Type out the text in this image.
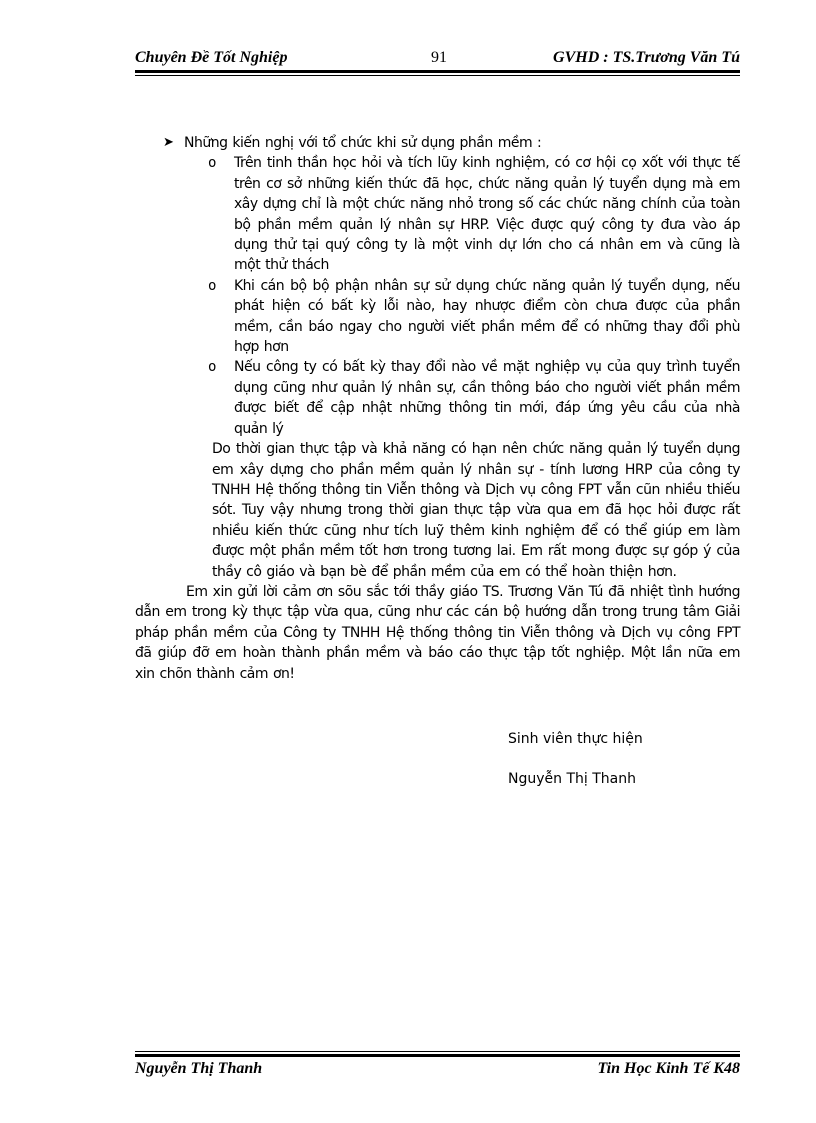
Chuyên Đề Tốt Nghiệp	91	GVHD : TS.Trương Văn Tú

➤ Những kiến nghị với tổ chức khi sử dụng phần mềm :

o Trên tinh thần học hỏi và tích lũy kinh nghiệm, có cơ hội cọ xốt với thực tế trên cơ sở những kiến thức đã học, chức năng quản lý tuyển dụng mà em xây dựng chỉ là một chức năng nhỏ trong số các chức năng chính của toàn bộ phần mềm quản lý nhân sự HRP. Việc được quý công ty đưa vào áp dụng thử tại quý công ty là một vinh dự lớn cho cá nhân em và cũng là một thử thách
o Khi cán bộ bộ phận nhân sự sử dụng chức năng quản lý tuyển dụng, nếu phát hiện có bất kỳ lỗi nào, hay nhược điểm còn chưa được của phần mềm, cần báo ngay cho người viết phần mềm để có những thay đổi phù hợp hơn
o Nếu công ty có bất kỳ thay đổi nào về mặt nghiệp vụ của quy trình tuyển dụng cũng như quản lý nhân sự, cần thông báo cho người viết phần mềm được biết để cập nhật những thông tin mới, đáp ứng yêu cầu của nhà quản lý

Do thời gian thực tập và khả năng có hạn nên chức năng quản lý tuyển dụng em xây dựng cho phần mềm quản lý nhân sự - tính lương HRP của công ty TNHH Hệ thống thông tin Viễn thông và Dịch vụ công FPT vẫn cũn nhiều thiếu sót. Tuy vậy nhưng trong thời gian thực tập vừa qua em đã học hỏi được rất nhiều kiến thức cũng như tích luỹ thêm kinh nghiệm để có thể giúp em làm được một phần mềm tốt hơn trong tương lai. Em rất mong được sự góp ý của thầy cô giáo và bạn bè để phần mềm của em có thể hoàn thiện hơn.

Em xin gửi lời cảm ơn sõu sắc tới thầy giáo TS. Trương Văn Tú đã nhiệt tình hướng dẫn em trong kỳ thực tập vừa qua, cũng như các cán bộ hướng dẫn trong trung tâm Giải pháp phần mềm của Công ty TNHH Hệ thống thông tin Viễn thông và Dịch vụ công FPT đã giúp đỡ em hoàn thành phần mềm và báo cáo thực tập tốt nghiệp. Một lần nữa em xin chõn thành cảm ơn!

Sinh viên thực hiện
Nguyễn Thị Thanh
Nguyễn Thị Thanh	Tin Học Kinh Tế K48
